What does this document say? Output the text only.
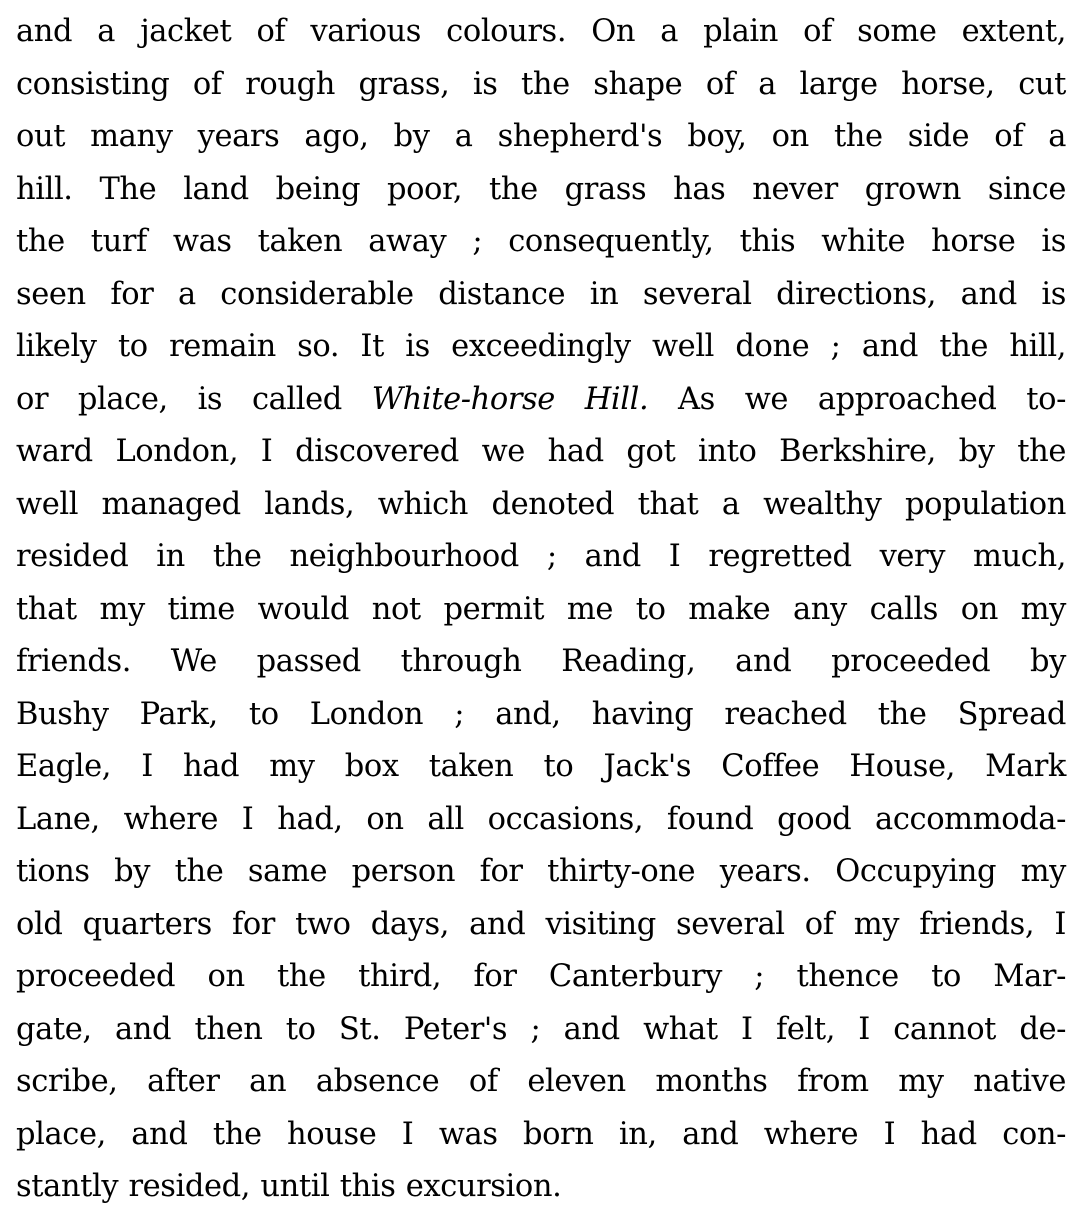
and a jacket of various colours. On a plain of some extent,
consisting of rough grass, is the shape of a large horse, cut
out many years ago, by a shepherd's boy, on the side of a
hill. The land being poor, the grass has never grown since
the turf was taken away ; consequently, this white horse is
seen for a considerable distance in several directions, and is
likely to remain so. It is exceedingly well done ; and the hill,
or place, is called White-horse Hill. As we approached to-
ward London, I discovered we had got into Berkshire, by the
well managed lands, which denoted that a wealthy population
resided in the neighbourhood ; and I regretted very much,
that my time would not permit me to make any calls on my
friends. We passed through Reading, and proceeded by
Bushy Park, to London ; and, having reached the Spread
Eagle, I had my box taken to Jack's Coffee House, Mark
Lane, where I had, on all occasions, found good accommoda-
tions by the same person for thirty-one years. Occupying my
old quarters for two days, and visiting several of my friends, I
proceeded on the third, for Canterbury ; thence to Mar-
gate, and then to St. Peter's ; and what I felt, I cannot de-
scribe, after an absence of eleven months from my native
place, and the house I was born in, and where I had con-
stantly resided, until this excursion.
